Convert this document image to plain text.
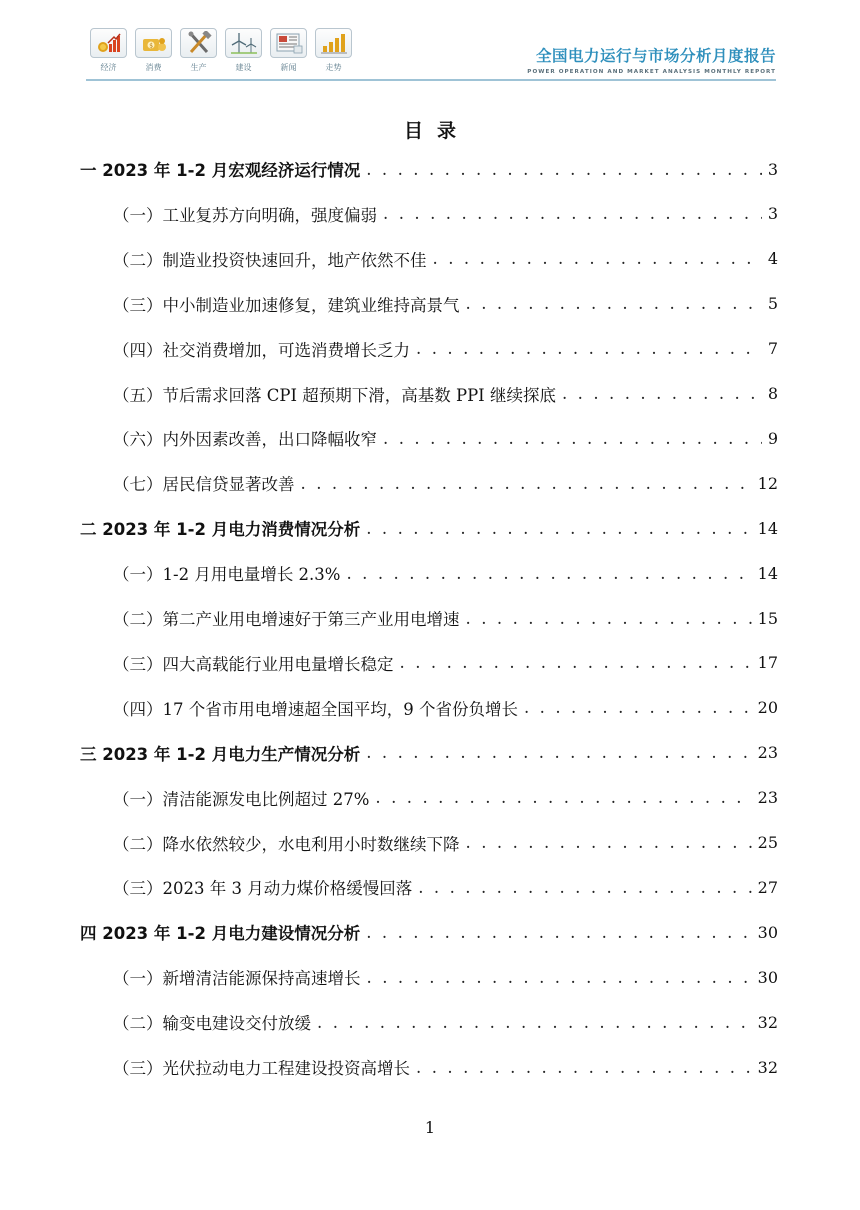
经济
$
消费	生产	建设	新闻	走势
全国电力运行与市场分析月度报告
POWER OPERATION AND MARKET ANALYSIS MONTHLY REPORT
目录
一 2023 年 1-2 月宏观经济运行情况 . . .	3
（一）工业复苏方向明确，强度偏弱 . . .	3
（二）制造业投资快速回升，地产依然不佳 . . .	4
（三）中小制造业加速修复，建筑业维持高景气 . . .	5
（四）社交消费增加，可选消费增长乏力 . . .	7
（五）节后需求回落 CPI 超预期下滑，高基数 PPI 继续探底 . . .	8
（六）内外因素改善，出口降幅收窄 . . .	9
（七）居民信贷显著改善 . . .	12
二 2023 年 1-2 月电力消费情况分析 . . .	14
（一）1-2 月用电量增长 2.3% . . .	14
（二）第二产业用电增速好于第三产业用电增速 . . .	15
（三）四大高载能行业用电量增长稳定 . . .	17
（四）17 个省市用电增速超全国平均，9 个省份负增长 . . .	20
三 2023 年 1-2 月电力生产情况分析 . . .	23
（一）清洁能源发电比例超过 27% . . .	23
（二）降水依然较少，水电利用小时数继续下降 . . .	25
（三）2023 年 3 月动力煤价格缓慢回落 . . .	27
四 2023 年 1-2 月电力建设情况分析 . . .	30
（一）新增清洁能源保持高速增长 . . .	30
（二）输变电建设交付放缓 . . .	32
（三）光伏拉动电力工程建设投资高增长 . . .	32
1
